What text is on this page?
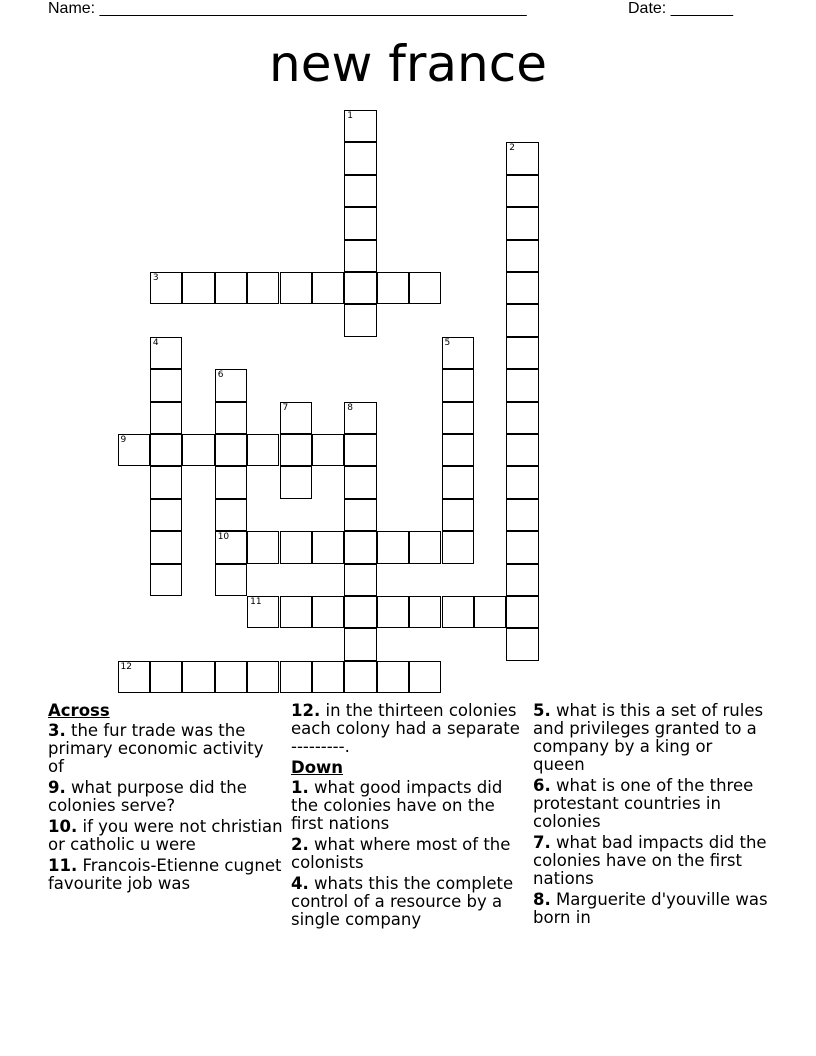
Name: ________________________________________________	Date: _______
new france
1
2
3
4	5
6
10
7	8
9
11
12
Across
3. the fur trade was the primary economic activity of
9. what purpose did the colonies serve?
10. if you were not christian or catholic u were
11. Francois-Etienne cugnet favourite job was
12. in the thirteen colonies each colony had a separate ---------.
Down
1. what good impacts did the colonies have on the first nations
2. what where most of the colonists
4. whats this the complete control of a resource by a single company
5. what is this a set of rules and privileges granted to a company by a king or queen
6. what is one of the three protestant countries in colonies
7. what bad impacts did the colonies have on the first nations
8. Marguerite d'youville was born in
